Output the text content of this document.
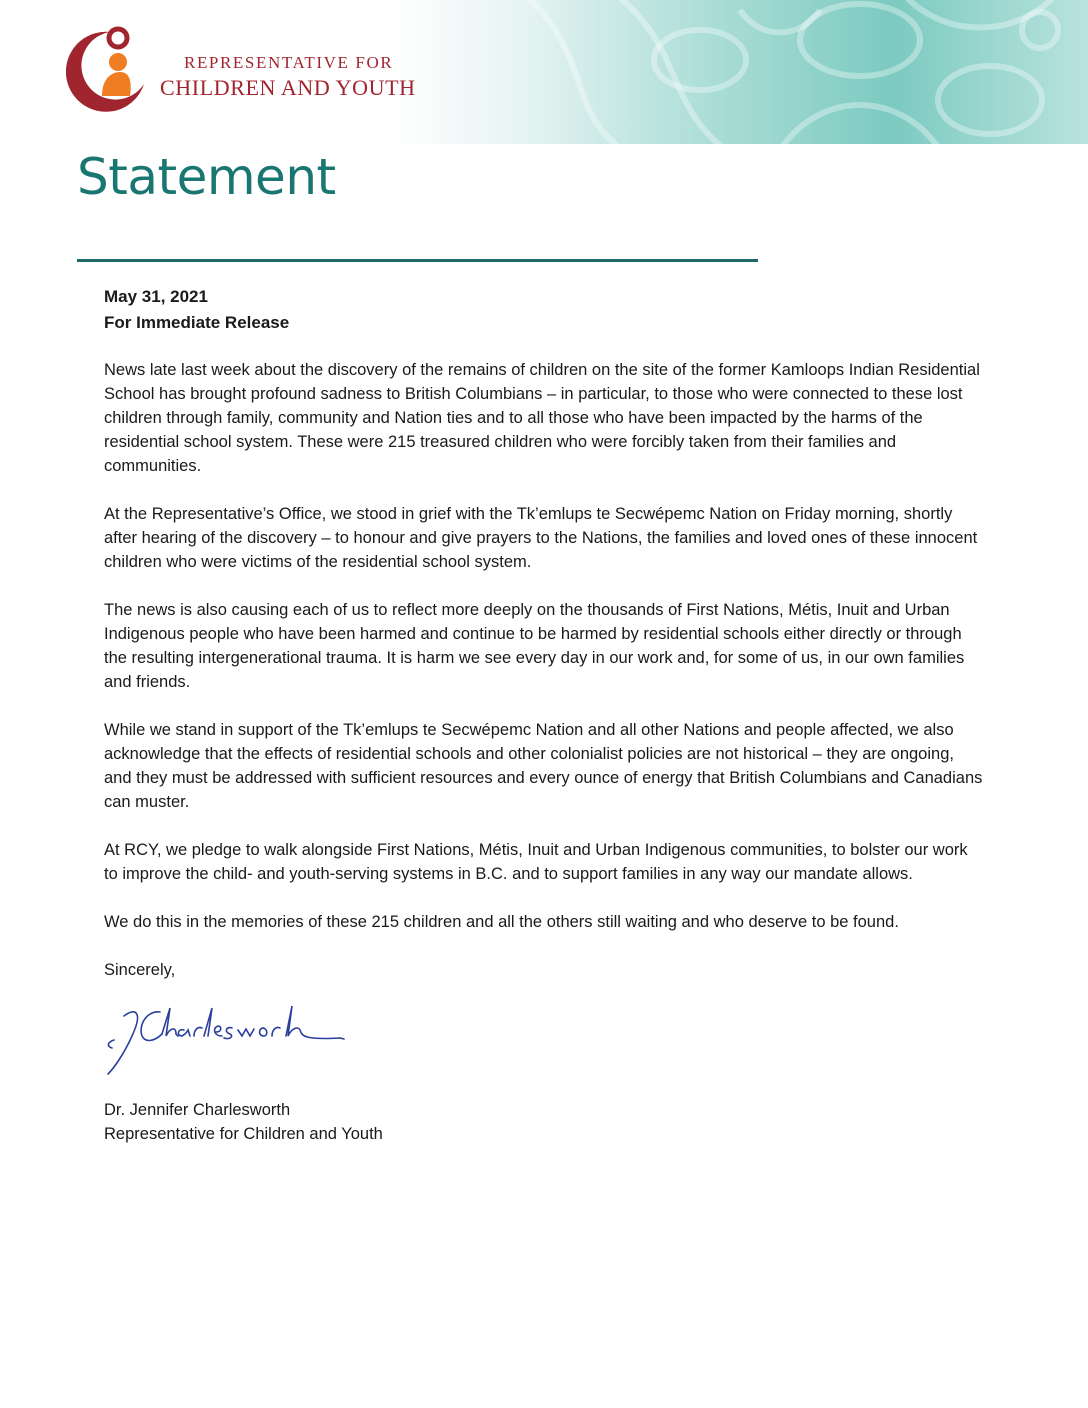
REPRESENTATIVE FOR
CHILDREN AND YOUTH
Statement

May 31, 2021

For Immediate Release

News late last week about the discovery of the remains of children on the site of the former Kamloops Indian Residential School has brought profound sadness to British Columbians – in particular, to those who were connected to these lost children through family, community and Nation ties and to all those who have been impacted by the harms of the residential school system. These were 215 treasured children who were forcibly taken from their families and communities.

At the Representative’s Office, we stood in grief with the Tk’emlups te Secwépemc Nation on Friday morning, shortly after hearing of the discovery – to honour and give prayers to the Nations, the families and loved ones of these innocent children who were victims of the residential school system.

The news is also causing each of us to reflect more deeply on the thousands of First Nations, Métis, Inuit and Urban Indigenous people who have been harmed and continue to be harmed by residential schools either directly or through the resulting intergenerational trauma. It is harm we see every day in our work and, for some of us, in our own families and friends.

While we stand in support of the Tk’emlups te Secwépemc Nation and all other Nations and people affected, we also acknowledge that the effects of residential schools and other colonialist policies are not historical – they are ongoing, and they must be addressed with sufficient resources and every ounce of energy that British Columbians and Canadians can muster.

At RCY, we pledge to walk alongside First Nations, Métis, Inuit and Urban Indigenous communities, to bolster our work to improve the child- and youth-serving systems in B.C. and to support families in any way our mandate allows.

We do this in the memories of these 215 children and all the others still waiting and who deserve to be found.

Sincerely,

Dr. Jennifer Charlesworth

Representative for Children and Youth
